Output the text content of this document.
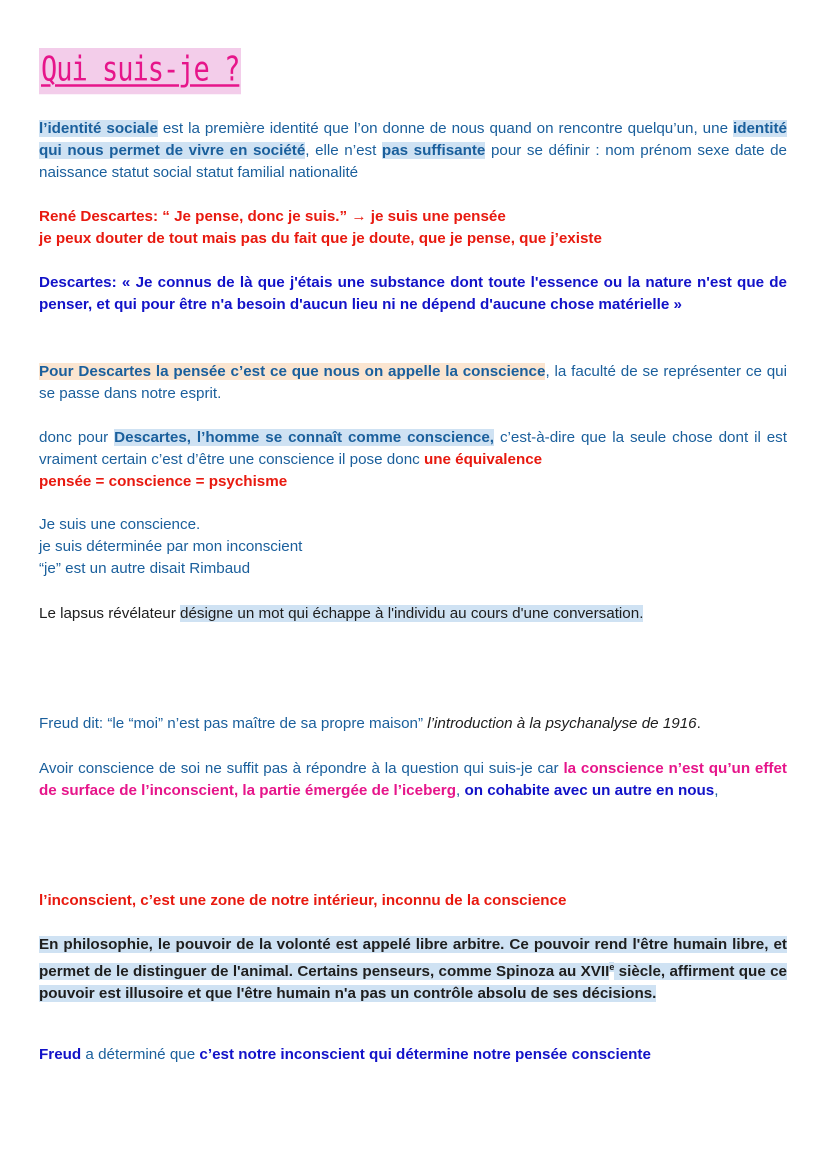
Qui suis-je ?

l’identité sociale est la première identité que l’on donne de nous quand on rencontre quelqu’un, une identité qui nous permet de vivre en société, elle n’est pas suffisante pour se définir : nom prénom sexe date de naissance statut social statut familial nationalité

René Descartes: “ Je pense, donc je suis.” → je suis une pensée
je peux douter de tout mais pas du fait que je doute, que je pense, que j’existe

Descartes: « Je connus de là que j'étais une substance dont toute l'essence ou la nature n'est que de penser, et qui pour être n'a besoin d'aucun lieu ni ne dépend d'aucune chose matérielle »

Pour Descartes la pensée c’est ce que nous on appelle la conscience, la faculté de se représenter ce qui se passe dans notre esprit.

donc pour Descartes, l’homme se connaît comme conscience, c’est-à-dire que la seule chose dont il est vraiment certain c’est d’être une conscience il pose donc une équivalence
pensée = conscience = psychisme

Je suis une conscience.
je suis déterminée par mon inconscient
“je” est un autre disait Rimbaud

Le lapsus révélateur désigne un mot qui échappe à l'individu au cours d'une conversation.

Freud dit: “le “moi” n’est pas maître de sa propre maison” l’introduction à la psychanalyse de 1916.

Avoir conscience de soi ne suffit pas à répondre à la question qui suis-je car la conscience n’est qu’un effet de surface de l’inconscient, la partie émergée de l’iceberg, on cohabite avec un autre en nous,

l’inconscient, c’est une zone de notre intérieur, inconnu de la conscience

En philosophie, le pouvoir de la volonté est appelé libre arbitre. Ce pouvoir rend l'être humain libre, et permet de le distinguer de l'animal. Certains penseurs, comme Spinoza au XVIIe siècle, affirment que ce pouvoir est illusoire et que l'être humain n'a pas un contrôle absolu de ses décisions.

Freud a déterminé que c’est notre inconscient qui détermine notre pensée consciente
